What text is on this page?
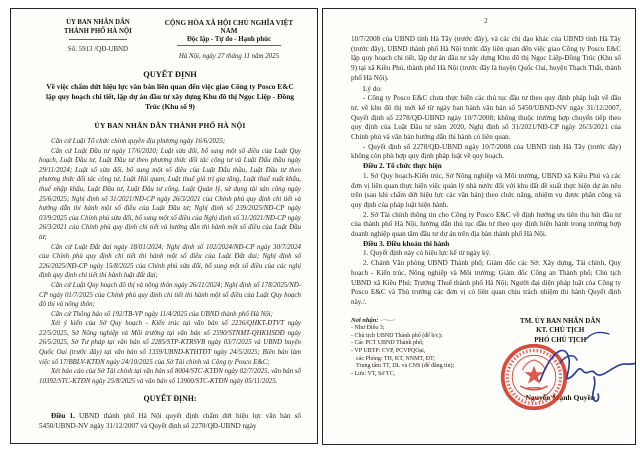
ỦY BAN NHÂN DÂN
THÀNH PHỐ HÀ NỘI
Số: 5913 /QĐ-UBND
CỘNG HÒA XÃ HỘI CHỦ NGHĨA VIỆT NAM
Độc lập - Tự do - Hạnh phúc
Hà Nội, ngày 27 tháng 11 năm 2025
QUYẾT ĐỊNH
Về việc chấm dứt hiệu lực văn bản liên quan đến việc giao Công ty Posco E&C lập quy hoạch chi tiết, lập dự án đầu tư xây dựng Khu đô thị Ngọc Liệp - Đồng Trúc (Khu số 9)
ỦY BAN NHÂN DÂN THÀNH PHỐ HÀ NỘI

Căn cứ Luật Tổ chức chính quyền địa phương ngày 16/6/2025;

Căn cứ Luật Đầu tư ngày 17/6/2020; Luật sửa đổi, bổ sung một số điều của Luật Quy hoạch, Luật Đầu tư, Luật Đầu tư theo phương thức đối tác công tư và Luật Đấu thầu ngày 29/11/2024; Luật số sửa đổi, bổ sung một số điều của Luật Đấu thầu, Luật Đầu tư theo phương thức đối tác công tư, Luật Hải quan, Luật thuế giá trị gia tăng, Luật thuế xuất khẩu, thuế nhập khẩu, Luật Đầu tư, Luật Đầu tư công, Luật Quản lý, sử dụng tài sản công ngày 25/6/2025; Nghị định số 31/2021/NĐ-CP ngày 26/3/2021 của Chính phủ quy định chi tiết và hướng dẫn thi hành một số điều của Luật Đầu tư; Nghị định số 239/2025/NĐ-CP ngày 03/9/2025 của Chính phủ sửa đổi, bổ sung một số điều của Nghị định số 31/2021/NĐ-CP ngày 26/3/2021 của Chính phủ quy định chi tiết và hướng dẫn thi hành một số điều của Luật Đầu tư;

Căn cứ Luật Đất đai ngày 18/01/2024; Nghị định số 102/2024/NĐ-CP ngày 30/7/2024 của Chính phủ quy định chi tiết thi hành một số điều của Luật Đất đai; Nghị định số 226/2025/NĐ-CP ngày 15/8/2025 của Chính phủ sửa đổi, bổ sung một số điều của các nghị định quy định chi tiết thi hành luật đất đai;

Căn cứ Luật Quy hoạch đô thị và nông thôn ngày 26/11/2024; Nghị định số 178/2025/NĐ-CP ngày 01/7/2025 của Chính phủ quy định chi tiết thi hành một số điều của Luật Quy hoạch đô thị và nông thôn;

Căn cứ Thông báo số 192/TB-VP ngày 11/4/2025 của UBND thành phố Hà Nội;

Xét ý kiến của Sở Quy hoạch - Kiến trúc tại văn bản số 2236/QHKT-ĐTVT ngày 22/5/2025, Sở Nông nghiệp và Môi trường tại văn bản số 2590/STNMT-QHKHSDĐ ngày 26/5/2025, Sở Tư pháp tại văn bản số 2285/STP-KTRSVB ngày 03/7/2025 và UBND huyện Quốc Oai (trước đây) tại văn bản số 1359/UBND-KTHTĐT ngày 24/5/2025; Biên bản làm việc số 17/BBLV-KTĐN ngày 24/10/2025 của Sở Tài chính và Công ty Posco E&C;

Xét báo cáo của Sở Tài chính tại văn bản số 8004/STC-KTĐN ngày 02/7/2025, văn bản số 10392/STC-KTĐN ngày 25/8/2025 và văn bản số 13900/STC-KTĐN ngày 05/11/2025.

QUYẾT ĐỊNH:

Điều 1. UBND thành phố Hà Nội quyết định chấm dứt hiệu lực văn bản số 5450/UBND-NV ngày 31/12/2007 và Quyết định số 2278/QĐ-UBND ngày

2

10/7/2008 của UBND tỉnh Hà Tây (trước đây), và các chỉ đạo khác của UBND tỉnh Hà Tây (trước đây), UBND thành phố Hà Nội trước đây liên quan đến việc giao Công ty Posco E&C lập quy hoạch chi tiết, lập dự án đầu tư xây dựng Khu đô thị Ngọc Liệp-Đồng Trúc (Khu số 9) tại xã Kiều Phú, thành phố Hà Nội (trước đây là huyện Quốc Oai, huyện Thạch Thất, thành phố Hà Nội).

Lý do:

- Công ty Posco E&C chưa thực hiện các thủ tục đầu tư theo quy định pháp luật về đầu tư, về khu đô thị mới kể từ ngày ban hành văn bản số 5450/UBND-NV ngày 31/12/2007, Quyết định số 2278/QĐ-UBND ngày 10/7/2008; không thuộc trường hợp chuyển tiếp theo quy định của Luật Đầu tư năm 2020, Nghị định số 31/2021/NĐ-CP ngày 26/3/2021 của Chính phủ và văn bản hướng dẫn thi hành có liên quan.

- Quyết định số 2278/QĐ-UBND ngày 10/7/2008 của UBND tỉnh Hà Tây (trước đây) không còn phù hợp quy định pháp luật về quy hoạch.

Điều 2. Tổ chức thực hiện

1. Sở Quy hoạch-Kiến trúc, Sở Nông nghiệp và Môi trường, UBND xã Kiều Phú và các đơn vị liên quan thực hiện việc quản lý nhà nước đối với khu đất đề xuất thực hiện dự án nêu trên (sau khi chấm dứt hiệu lực các văn bản) theo chức năng, nhiệm vụ được phân công và quy định của pháp luật hiện hành.

2. Sở Tài chính thông tin cho Công ty Posco E&C về định hướng ưu tiên thu hút đầu tư của thành phố Hà Nội, hướng dẫn thủ tục đầu tư theo quy định hiện hành trong trường hợp doanh nghiệp quan tâm đầu tư dự án trên địa bàn thành phố Hà Nội.

Điều 3. Điều khoản thi hành

1. Quyết định này có hiệu lực kể từ ngày ký.

2. Chánh Văn phòng UBND Thành phố; Giám đốc các Sở: Xây dựng, Tài chính, Quy hoạch - Kiến trúc, Nông nghiệp và Môi trường; Giám đốc Công an Thành phố; Chủ tịch UBND xã Kiều Phú; Trưởng Thuế thành phố Hà Nội; Người đại diện pháp luật của Công ty Posco E&C và Thủ trưởng các đơn vị có liên quan chịu trách nhiệm thi hành Quyết định này./.

Nơi nhận:
- Như Điều 3;
- Chủ tịch UBND Thành phố (để b/c);
- Các PCT UBND Thành phố;
- VP UBTP: CVP, PCVPQOại,
các Phòng: TH, KT, NNMT, ĐT;
Trung tâm TT, DL và CNS (để đăng tin);
- Lưu: VT, Sở TC,
TM. ỦY BAN NHÂN DÂN
KT. CHỦ TỊCH
PHÓ CHỦ TỊCH
Nguyễn Mạnh Quyền
